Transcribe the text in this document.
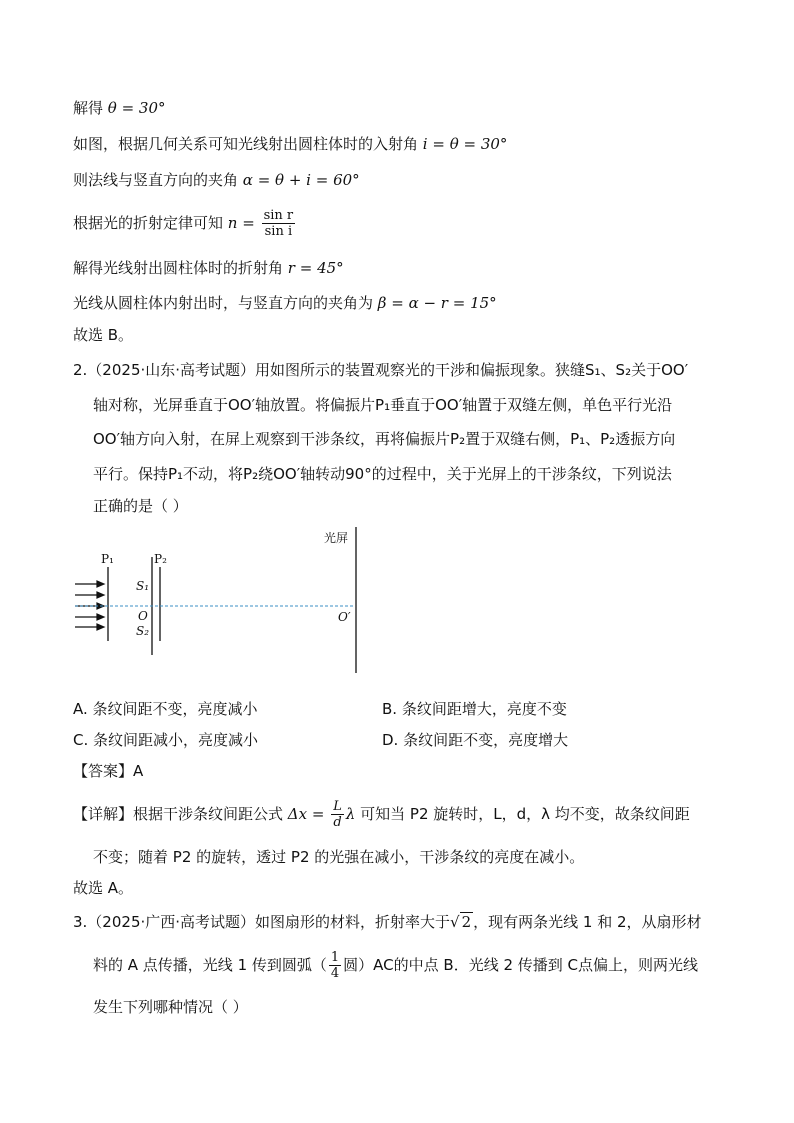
解得 θ = 30°
如图，根据几何关系可知光线射出圆柱体时的入射角 i = θ = 30°
则法线与竖直方向的夹角 α = θ + i = 60°
根据光的折射定律可知 $n = \frac{\text{sin r}}{\text{sin i}}$
解得光线射出圆柱体时的折射角 r = 45°
光线从圆柱体内射出时，与竖直方向的夹角为 β = α − r = 15°
故选 B。
2.（2025·山东·高考试题）用如图所示的装置观察光的干涉和偏振现象。狭缝S₁、S₂关于OO′
轴对称，光屏垂直于OO′轴放置。将偏振片P₁垂直于OO′轴置于双缝左侧，单色平行光沿
OO′轴方向入射，在屏上观察到干涉条纹，再将偏振片P₂置于双缝右侧，P₁、P₂透振方向
平行。保持P₁不动，将P₂绕OO′轴转动90°的过程中，关于光屏上的干涉条纹，下列说法
正确的是（ ）
P₁	P₂
S₁
O
S₂
光屏
O′
A. 条纹间距不变，亮度减小	B. 条纹间距增大，亮度不变
C. 条纹间距减小，亮度减小	D. 条纹间距不变，亮度增大
【答案】A
【详解】根据干涉条纹间距公式 $\Delta x = \frac{L}{d}$ λ 可知当 P2 旋转时，L，d，λ 均不变，故条纹间距
不变；随着 P2 的旋转，透过 P2 的光强在减小，干涉条纹的亮度在减小。
故选 A。
3.（2025·广西·高考试题）如图扇形的材料，折射率大于√ 2 ，现有两条光线 1 和 2，从扇形材
料的 A 点传播，光线 1 传到圆弧（ $\frac{1}{4}$ 圆）AC的中点 B．光线 2 传播到 C点偏上，则两光线
发生下列哪种情况（ ）
